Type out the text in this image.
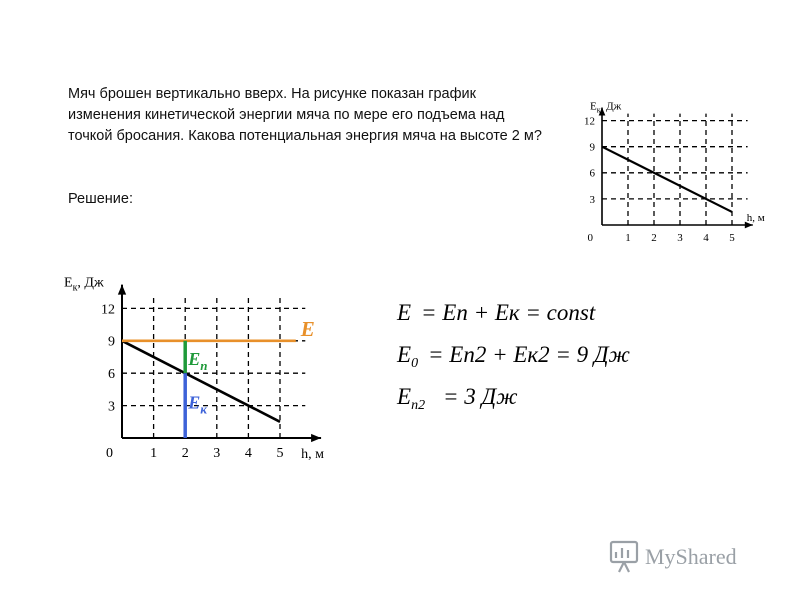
Мяч брошен вертикально вверх. На рисунке показан график изменения кинетической энергии мяча по мере его подъема над точкой бросания. Какова потенциальная энергия мяча на высоте 2 м?

Решение:
1 2 3 4 5
3
6
9
12
0
$E_к$, Дж
h, м
1 2 3 4 5
3
6
9
12
0
$E_к$, Дж
h, м
E
$E_п$
$E_к$
E = Eп + Eк = const
$E_0 = Eп2 + Eк2 = 9$ Дж
$E_{п2} = 3$ Дж
MyShared
